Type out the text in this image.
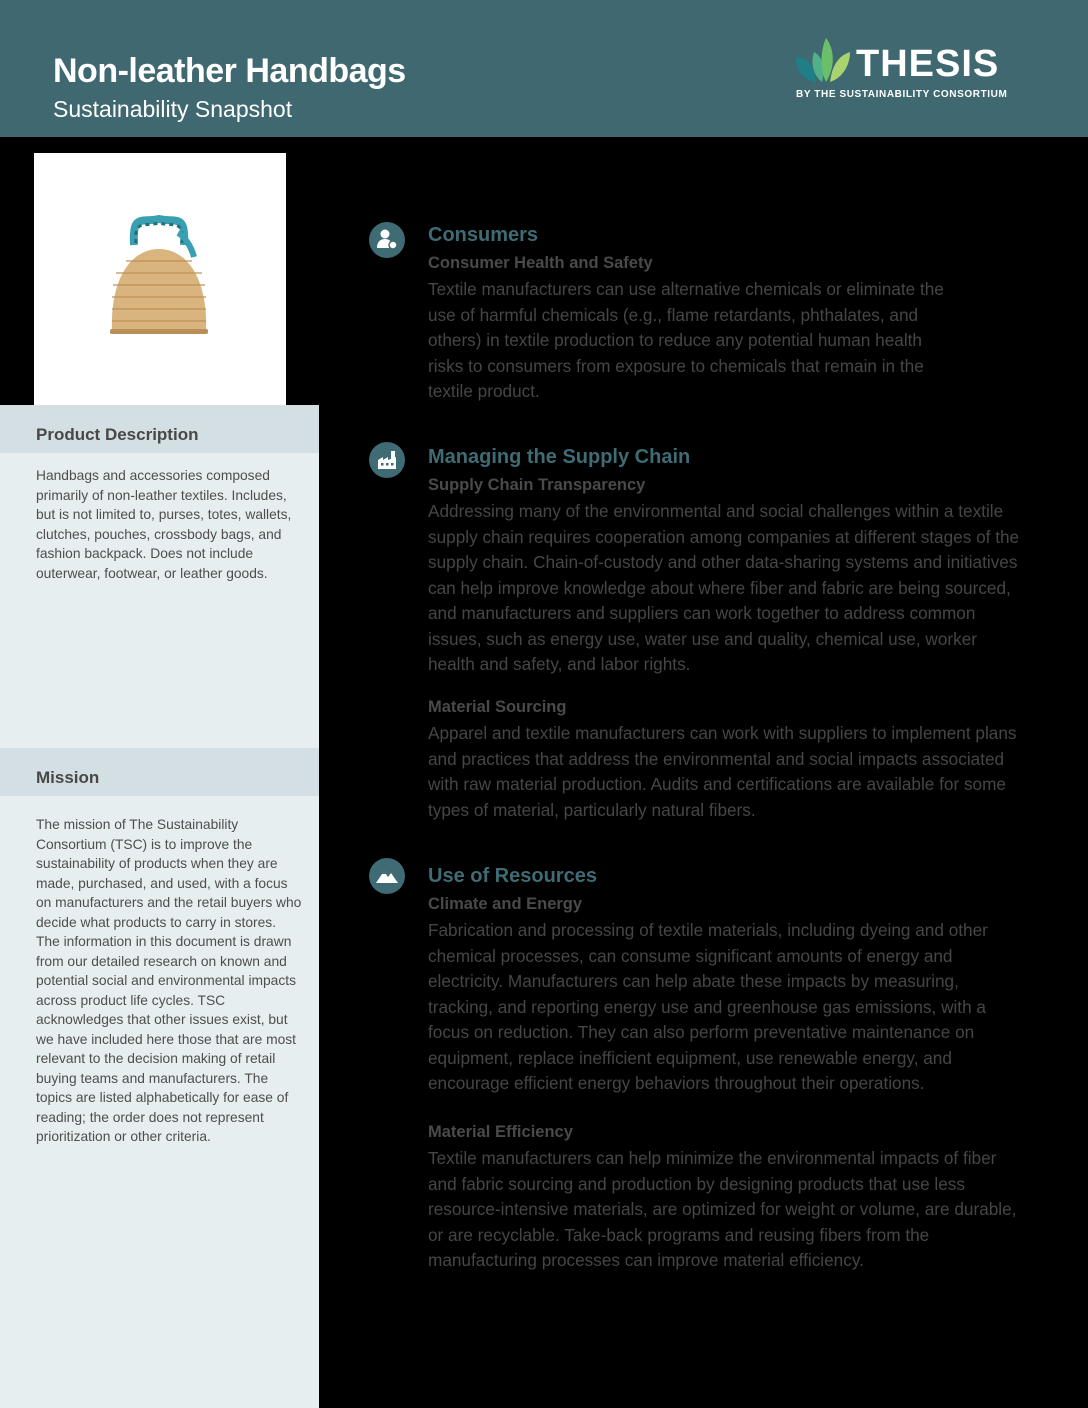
Non-leather Handbags
Sustainability Snapshot
THESIS
BY THE SUSTAINABILITY CONSORTIUM
Product Description
Handbags and accessories composed primarily of non-leather textiles. Includes, but is not limited to, purses, totes, wallets, clutches, pouches, crossbody bags, and fashion backpack. Does not include outerwear, footwear, or leather goods.
Mission
The mission of The Sustainability Consortium (TSC) is to improve the sustainability of products when they are made, purchased, and used, with a focus on manufacturers and the retail buyers who decide what products to carry in stores. The information in this document is drawn from our detailed research on known and potential social and environmental impacts across product life cycles. TSC acknowledges that other issues exist, but we have included here those that are most relevant to the decision making of retail buying teams and manufacturers. The topics are listed alphabetically for ease of reading; the order does not represent prioritization or other criteria.
Consumers
Consumer Health and Safety
Textile manufacturers can use alternative chemicals or eliminate the use of harmful chemicals (e.g., flame retardants, phthalates, and others) in textile production to reduce any potential human health risks to consumers from exposure to chemicals that remain in the textile product.
Managing the Supply Chain
Supply Chain Transparency
Addressing many of the environmental and social challenges within a textile supply chain requires cooperation among companies at different stages of the supply chain. Chain-of-custody and other data-sharing systems and initiatives can help improve knowledge about where fiber and fabric are being sourced, and manufacturers and suppliers can work together to address common issues, such as energy use, water use and quality, chemical use, worker health and safety, and labor rights.
Material Sourcing
Apparel and textile manufacturers can work with suppliers to implement plans and practices that address the environmental and social impacts associated with raw material production. Audits and certifications are available for some types of material, particularly natural fibers.
Use of Resources
Climate and Energy
Fabrication and processing of textile materials, including dyeing and other chemical processes, can consume significant amounts of energy and electricity. Manufacturers can help abate these impacts by measuring, tracking, and reporting energy use and greenhouse gas emissions, with a focus on reduction. They can also perform preventative maintenance on equipment, replace inefficient equipment, use renewable energy, and encourage efficient energy behaviors throughout their operations.
Material Efficiency
Textile manufacturers can help minimize the environmental impacts of fiber and fabric sourcing and production by designing products that use less resource-intensive materials, are optimized for weight or volume, are durable, or are recyclable. Take-back programs and reusing fibers from the manufacturing processes can improve material efficiency.
